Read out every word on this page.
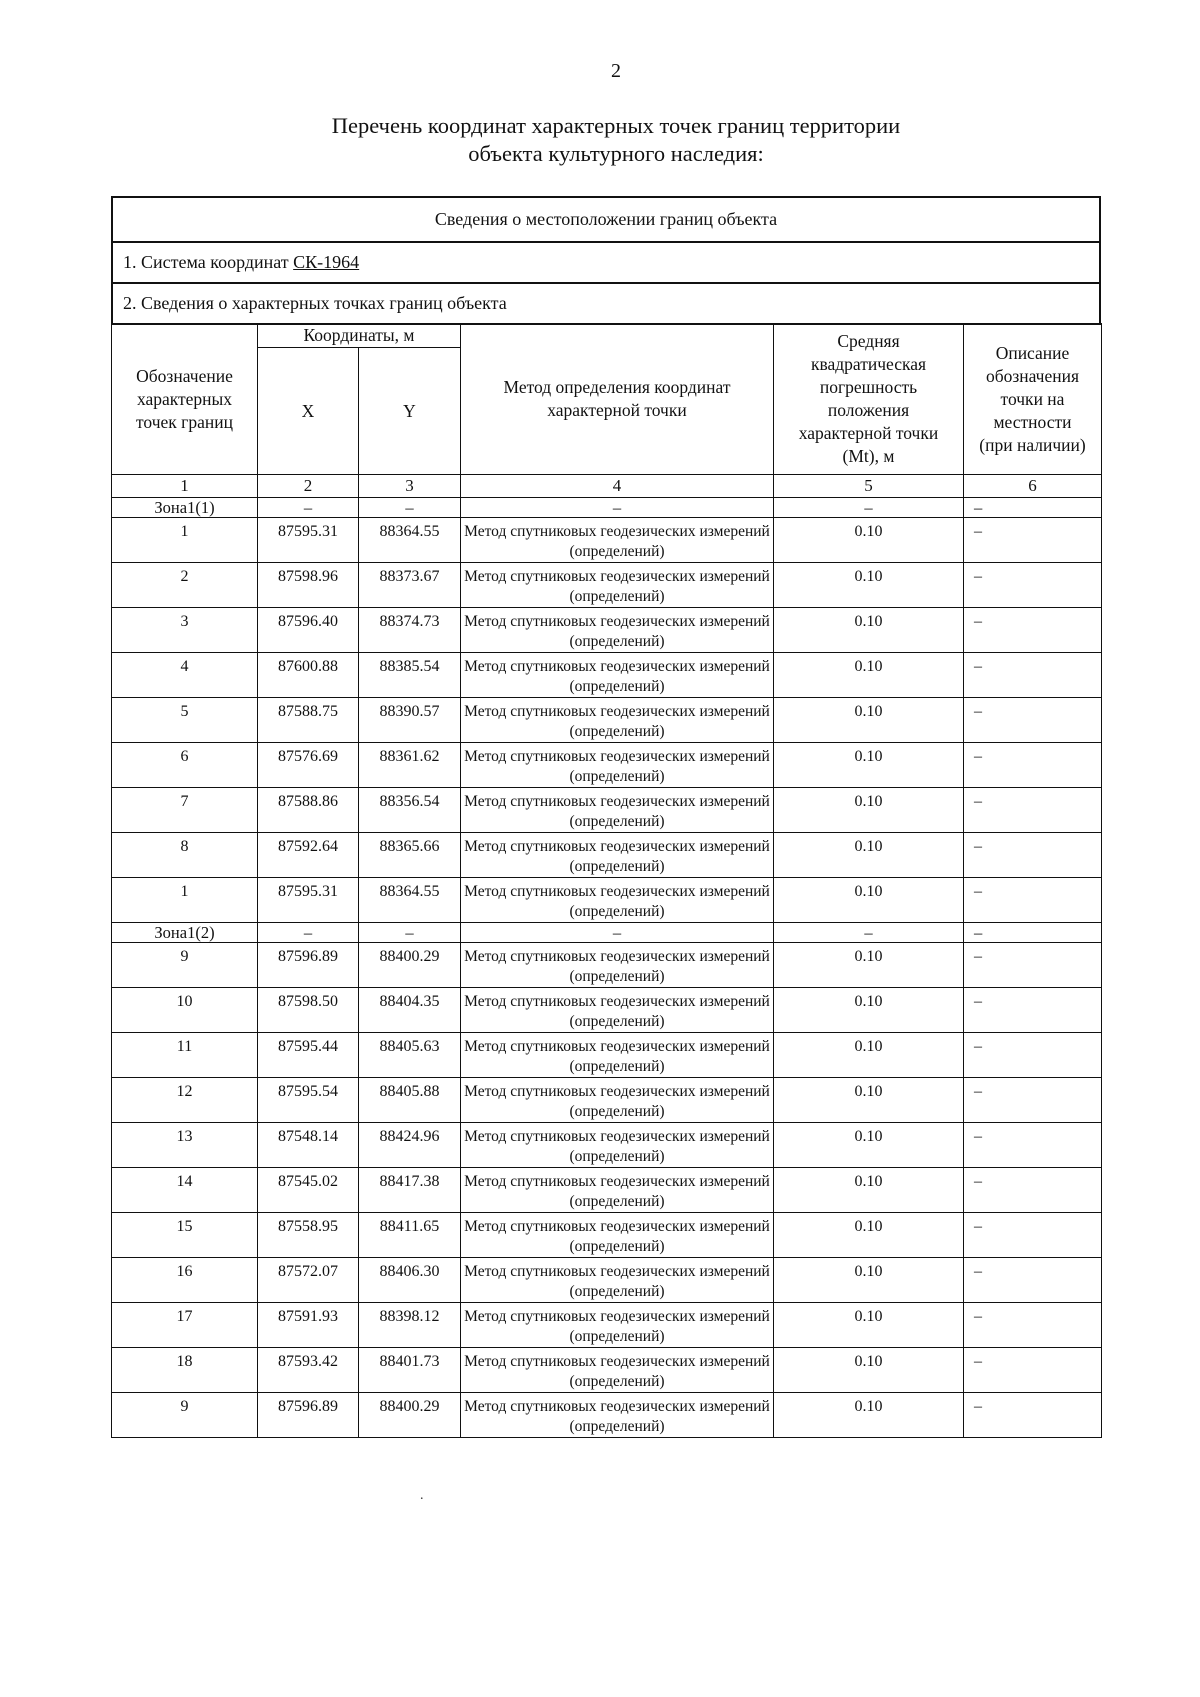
2
Перечень координат характерных точек границ территории
объекта культурного наследия:
Сведения о местоположении границ объекта
1. Система координат СК-1964
2. Сведения о характерных точках границ объекта
Обозначение характерных точек границ	Координаты, м		Метод определения координат характерной точки	Средняя квадратическая погрешность положения характерной точки (Mt), м	Описание обозначения точки на местности (при наличии)
	X	Y			
1	2	3	4	5	6
Зона1(1)	–	–	–	–	–
1	87595.31	88364.55	Метод спутниковых геодезических измерений (определений)	0.10	–
2	87598.96	88373.67	Метод спутниковых геодезических измерений (определений)	0.10	–
3	87596.40	88374.73	Метод спутниковых геодезических измерений (определений)	0.10	–
4	87600.88	88385.54	Метод спутниковых геодезических измерений (определений)	0.10	–
5	87588.75	88390.57	Метод спутниковых геодезических измерений (определений)	0.10	–
6	87576.69	88361.62	Метод спутниковых геодезических измерений (определений)	0.10	–
7	87588.86	88356.54	Метод спутниковых геодезических измерений (определений)	0.10	–
8	87592.64	88365.66	Метод спутниковых геодезических измерений (определений)	0.10	–
1	87595.31	88364.55	Метод спутниковых геодезических измерений (определений)	0.10	–
Зона1(2)	–	–	–	–	–
9	87596.89	88400.29	Метод спутниковых геодезических измерений (определений)	0.10	–
10	87598.50	88404.35	Метод спутниковых геодезических измерений (определений)	0.10	–
11	87595.44	88405.63	Метод спутниковых геодезических измерений (определений)	0.10	–
12	87595.54	88405.88	Метод спутниковых геодезических измерений (определений)	0.10	–
13	87548.14	88424.96	Метод спутниковых геодезических измерений (определений)	0.10	–
14	87545.02	88417.38	Метод спутниковых геодезических измерений (определений)	0.10	–
15	87558.95	88411.65	Метод спутниковых геодезических измерений (определений)	0.10	–
16	87572.07	88406.30	Метод спутниковых геодезических измерений (определений)	0.10	–
17	87591.93	88398.12	Метод спутниковых геодезических измерений (определений)	0.10	–
18	87593.42	88401.73	Метод спутниковых геодезических измерений (определений)	0.10	–
9	87596.89	88400.29	Метод спутниковых геодезических измерений (определений)	0.10	–
.
